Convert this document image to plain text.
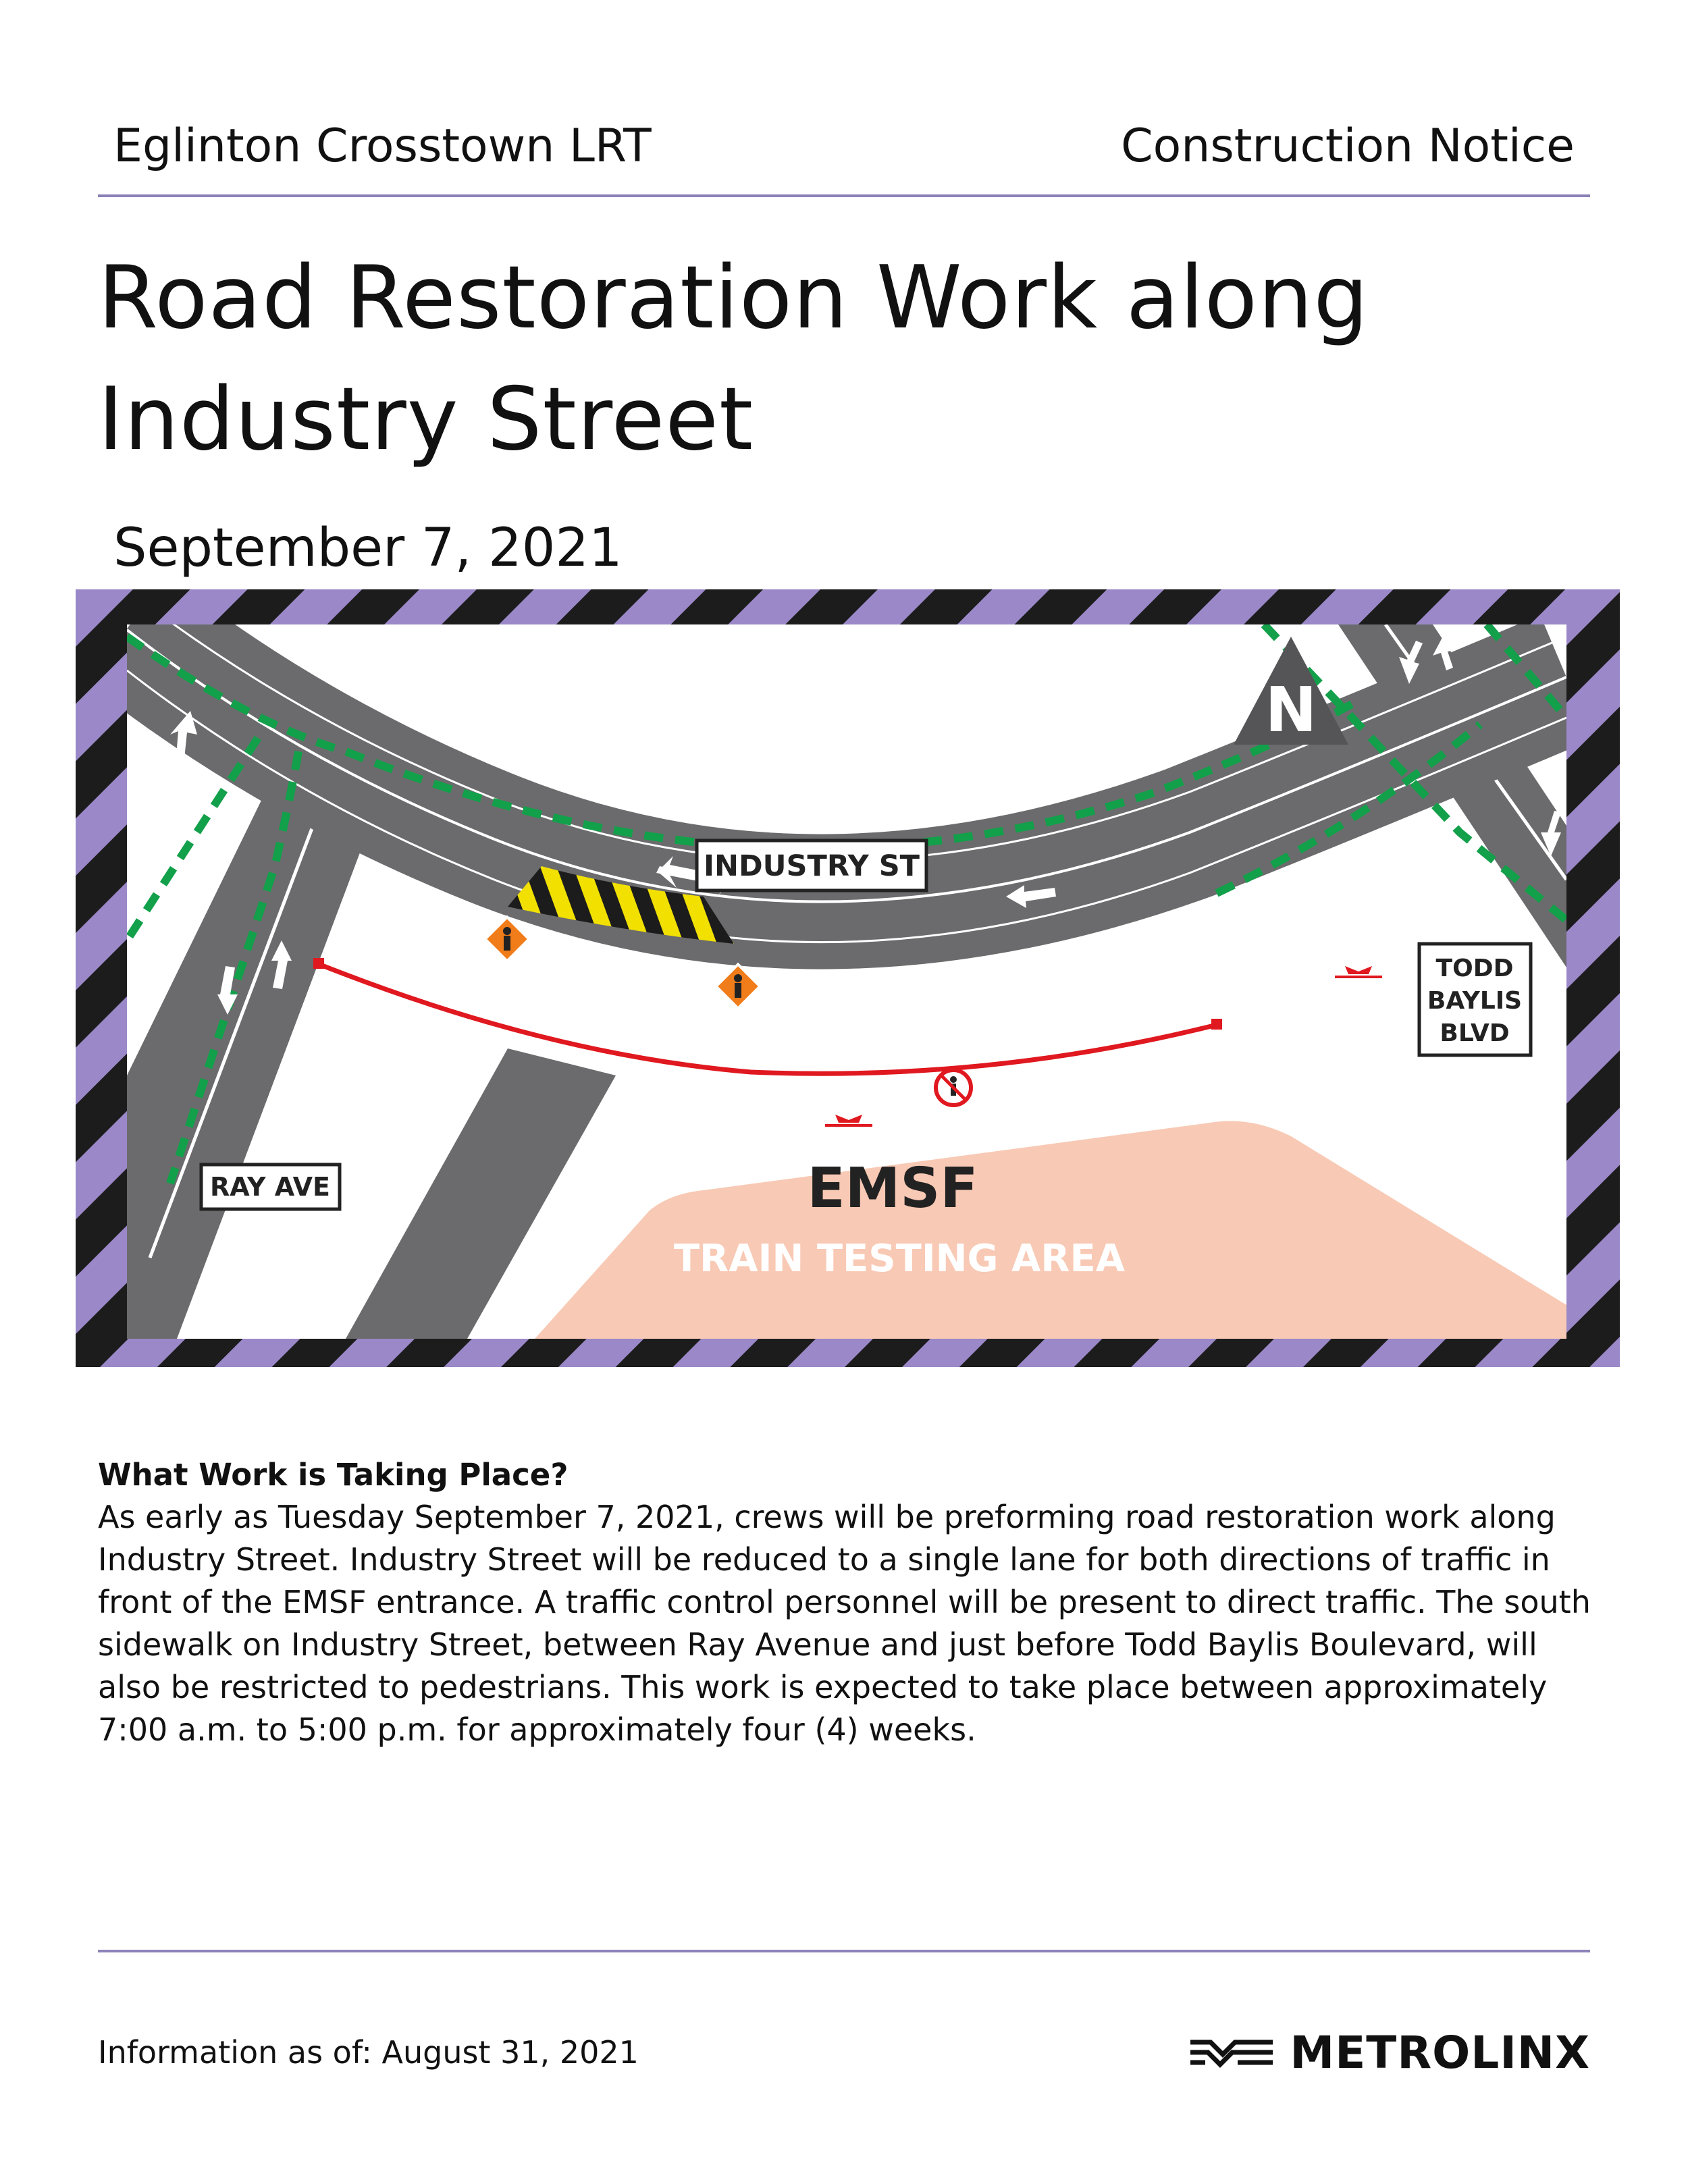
Eglinton Crosstown LRT	Construction Notice
Road Restoration Work along Industry Street
September 7, 2021
N
INDUSTRY ST
TODD
BAYLIS
BLVD
RAY AVE	EMSF
TRAIN TESTING AREA
What Work is Taking Place?
As early as Tuesday September 7, 2021, crews will be preforming road restoration work along Industry Street. Industry Street will be reduced to a single lane for both directions of traffic in front of the EMSF entrance. A traffic control personnel will be present to direct traffic. The south sidewalk on Industry Street, between Ray Avenue and just before Todd Baylis Boulevard, will also be restricted to pedestrians. This work is expected to take place between approximately 7:00 a.m. to 5:00 p.m. for approximately four (4) weeks.
Information as of: August 31, 2021	METROLINX
